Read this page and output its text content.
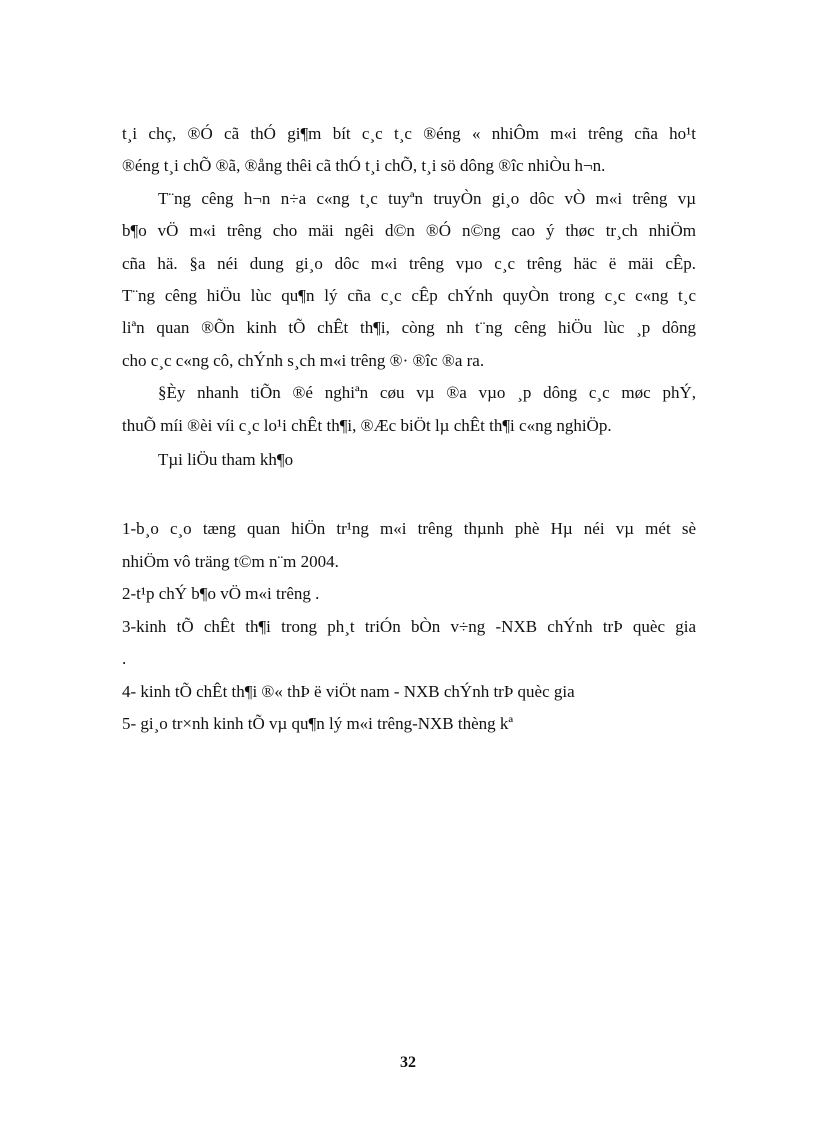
t¸i chç, ®Ó cã thÓ gi¶m bít c¸c t¸c ®éng « nhiÔm m«i trêng cña ho¹t
®éng t¸i chÕ ®ã, ®ång thêi cã thÓ t¸i chÕ, t¸i sö dông ®îc nhiÒu h¬n.
T¨ng cêng h¬n n÷a c«ng t¸c tuyªn truyÒn gi¸o dôc vÒ m«i trêng vµ
b¶o vÖ m«i trêng cho mäi ngêi d©n ®Ó n©ng cao ý thøc tr¸ch nhiÖm
cña hä. §a néi dung gi¸o dôc m«i trêng vµo c¸c trêng häc ë mäi cÊp.
T¨ng cêng hiÖu lùc qu¶n lý cña c¸c cÊp chÝnh quyÒn trong c¸c c«ng t¸c
liªn quan ®Õn kinh tÕ chÊt th¶i, còng nh t¨ng cêng hiÖu lùc ¸p dông
cho c¸c c«ng cô, chÝnh s¸ch m«i trêng ®· ®îc ®a ra.
§Èy nhanh tiÕn ®é nghiªn cøu vµ ®a vµo ¸p dông c¸c møc phÝ,
thuÕ míi ®èi víi c¸c lo¹i chÊt th¶i, ®Æc biÖt lµ chÊt th¶i c«ng nghiÖp.
Tµi liÖu tham kh¶o
1-b¸o c¸o tæng quan hiÖn tr¹ng m«i trêng thµnh phè Hµ néi vµ mét sè
nhiÖm vô träng t©m n¨m 2004.
2-t¹p chÝ b¶o vÖ m«i trêng .
3-kinh tÕ chÊt th¶i trong ph¸t triÓn bÒn v÷ng -NXB chÝnh trÞ quèc gia
.
4- kinh tÕ chÊt th¶i ®« thÞ ë viÖt nam - NXB chÝnh trÞ quèc gia
5- gi¸o tr×nh kinh tÕ vµ qu¶n lý m«i trêng-NXB thèng kª
32
